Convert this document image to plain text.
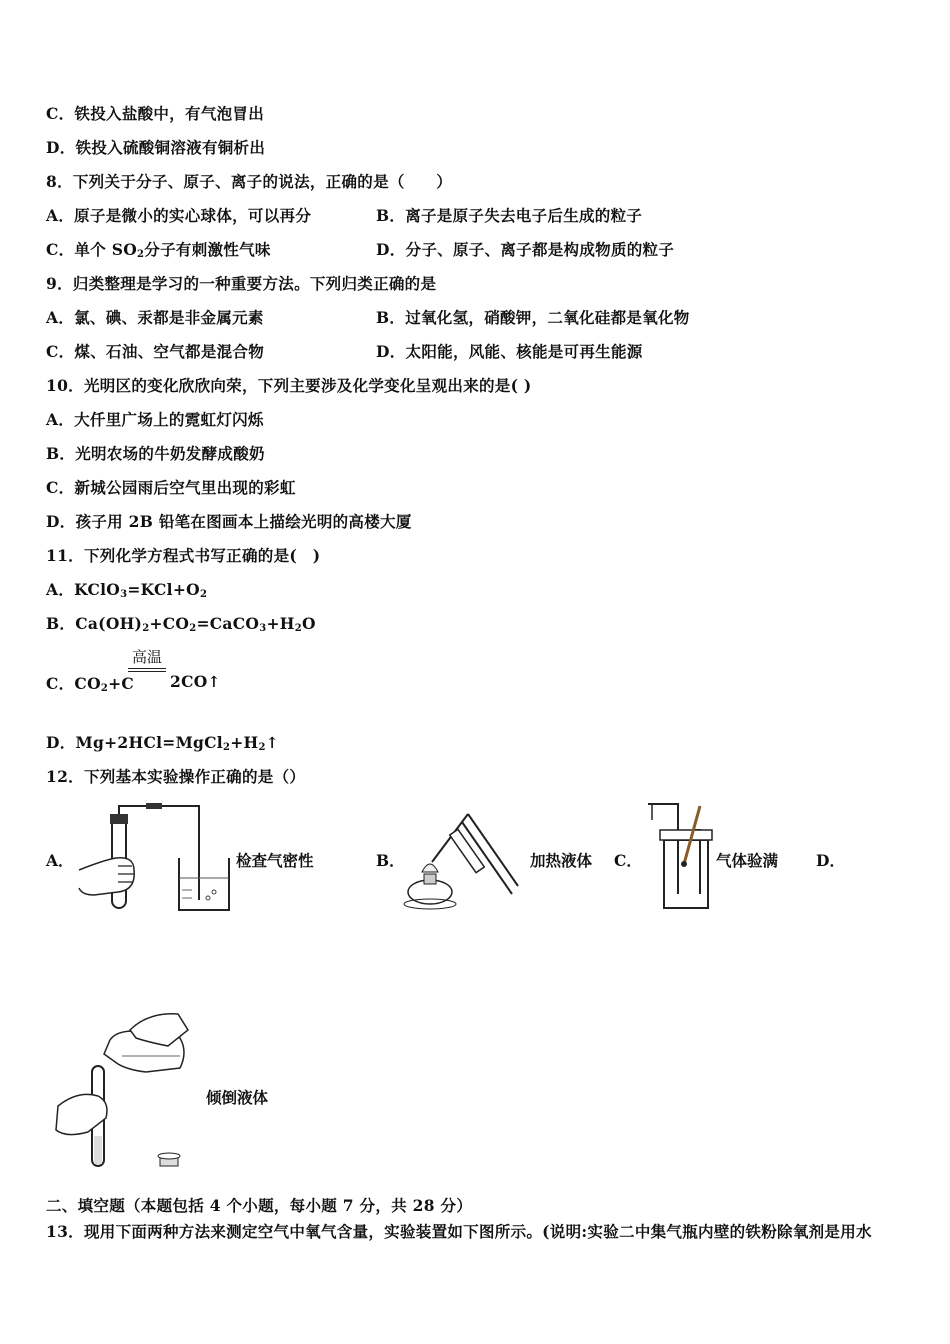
C．铁投入盐酸中，有气泡冒出
D．铁投入硫酸铜溶液有铜析出
8．下列关于分子、原子、离子的说法，正确的是（　　）
A．原子是微小的实心球体，可以再分	B．离子是原子失去电子后生成的粒子
C．单个 $SO_2$分子有刺激性气味	D．分子、原子、离子都是构成物质的粒子
9．归类整理是学习的一种重要方法。下列归类正确的是
A．氯、碘、汞都是非金属元素	B．过氧化氢，硝酸钾，二氧化硅都是氧化物
C．煤、石油、空气都是混合物	D．太阳能，风能、核能是可再生能源
10．光明区的变化欣欣向荣，下列主要涉及化学变化呈观出来的是( )
A．大仟里广场上的霓虹灯闪烁
B．光明农场的牛奶发酵成酸奶
C．新城公园雨后空气里出现的彩虹
D．孩子用 2B 铅笔在图画本上描绘光明的高楼大厦
11．下列化学方程式书写正确的是(　)
A．$KClO_3=KCl+O_2$
B．$Ca(OH)_2+CO_2=CaCO_3+H_2O$
高温
C．$CO_2+C$ 2CO↑
D．$Mg+2HCl=MgCl_2+H_2↑$
12．下列基本实验操作正确的是（）
A．	检查气密性	B．	加热液体 C．	气体验满 D．
倾倒液体
二、填空题（本题包括 4 个小题，每小题 7 分，共 28 分）
13．现用下面两种方法来测定空气中氧气含量，实验装置如下图所示。(说明:实验二中集气瓶内壁的铁粉除氧剂是用水
